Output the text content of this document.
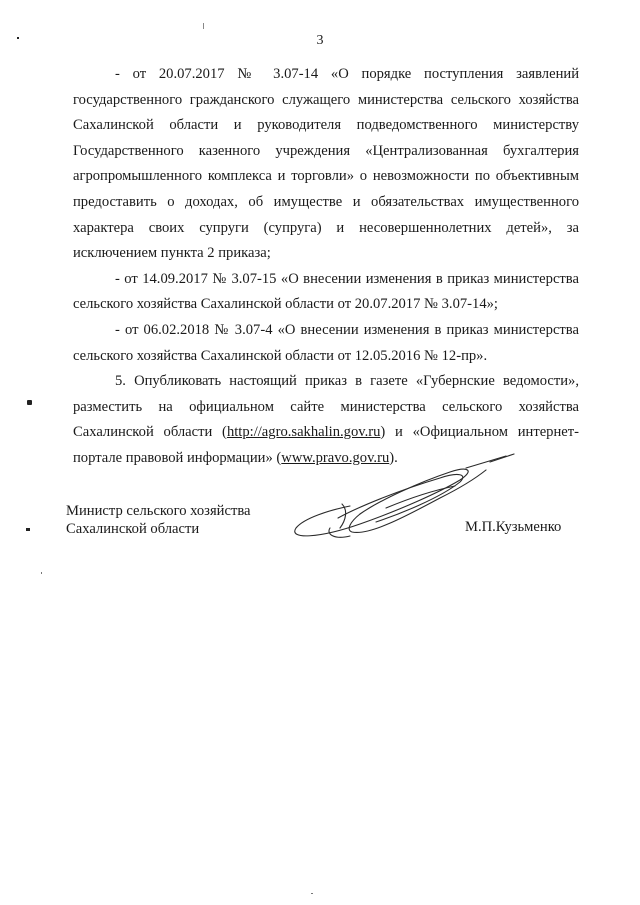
3

- от 20.07.2017 № 3.07-14 «О порядке поступления заявлений государственного гражданского служащего министерства сельского хозяйства Сахалинской области и руководителя подведомственного министерству Государственного казенного учреждения «Централизованная бухгалтерия агропромышленного комплекса и торговли» о невозможности по объективным предоставить о доходах, об имуществе и обязательствах имущественного характера своих супруги (супруга) и несовершеннолетних детей», за исключением пункта 2 приказа;

- от 14.09.2017 № 3.07-15 «О внесении изменения в приказ министерства сельского хозяйства Сахалинской области от 20.07.2017 № 3.07-14»;

- от 06.02.2018 № 3.07-4 «О внесении изменения в приказ министерства сельского хозяйства Сахалинской области от 12.05.2016 № 12-пр».

5. Опубликовать настоящий приказ в газете «Губернские ведомости», разместить на официальном сайте министерства сельского хозяйства Сахалинской области (http://agro.sakhalin.gov.ru) и «Официальном интернет-портале правовой информации» (www.pravo.gov.ru).

Министр сельского хозяйства
Сахалинской области	М.П.Кузьменко
